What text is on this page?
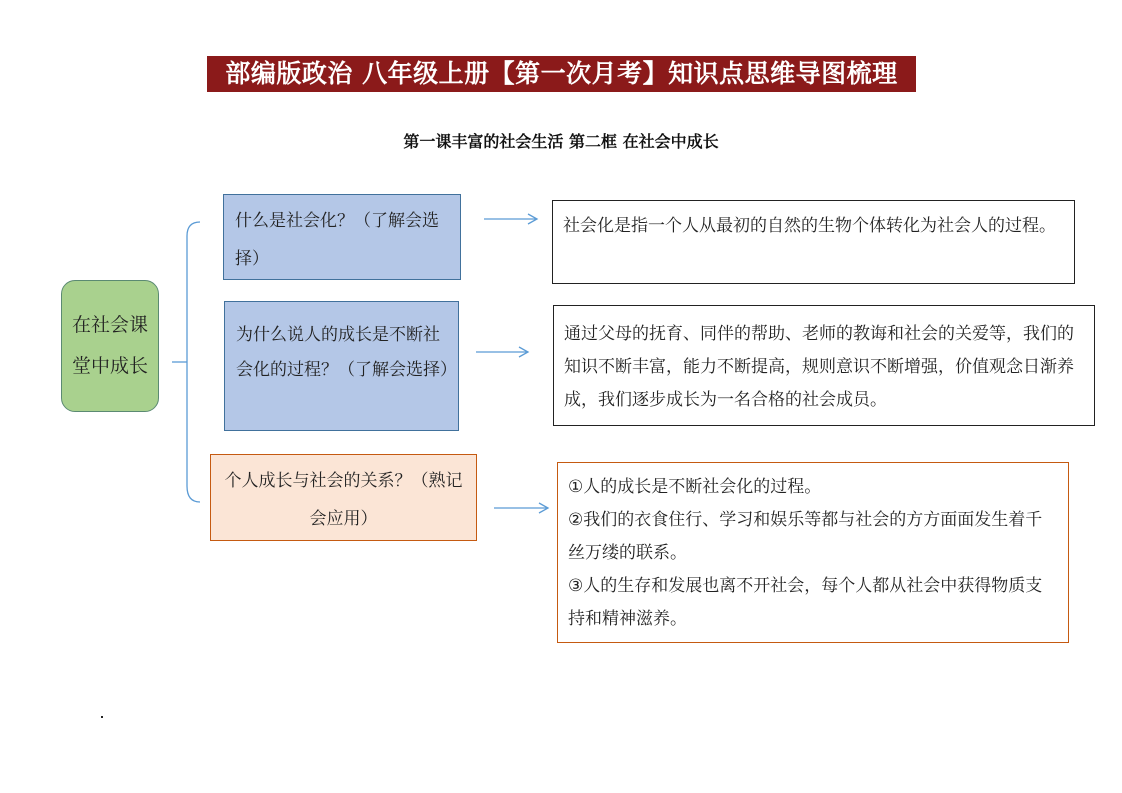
部编版政治 八年级上册【第一次月考】知识点思维导图梳理
第一课丰富的社会生活 第二框 在社会中成长
在社会课堂中成长
什么是社会化？（了解会选择）
社会化是指一个人从最初的自然的生物个体转化为社会人的过程。
为什么说人的成长是不断社会化的过程？（了解会选择）
通过父母的抚育、同伴的帮助、老师的教诲和社会的关爱等，我们的知识不断丰富，能力不断提高，规则意识不断增强，价值观念日渐养成，我们逐步成长为一名合格的社会成员。
个人成长与社会的关系？（熟记会应用）
①人的成长是不断社会化的过程。
②我们的衣食住行、学习和娱乐等都与社会的方方面面发生着千丝万缕的联系。
③人的生存和发展也离不开社会，每个人都从社会中获得物质支持和精神滋养。
